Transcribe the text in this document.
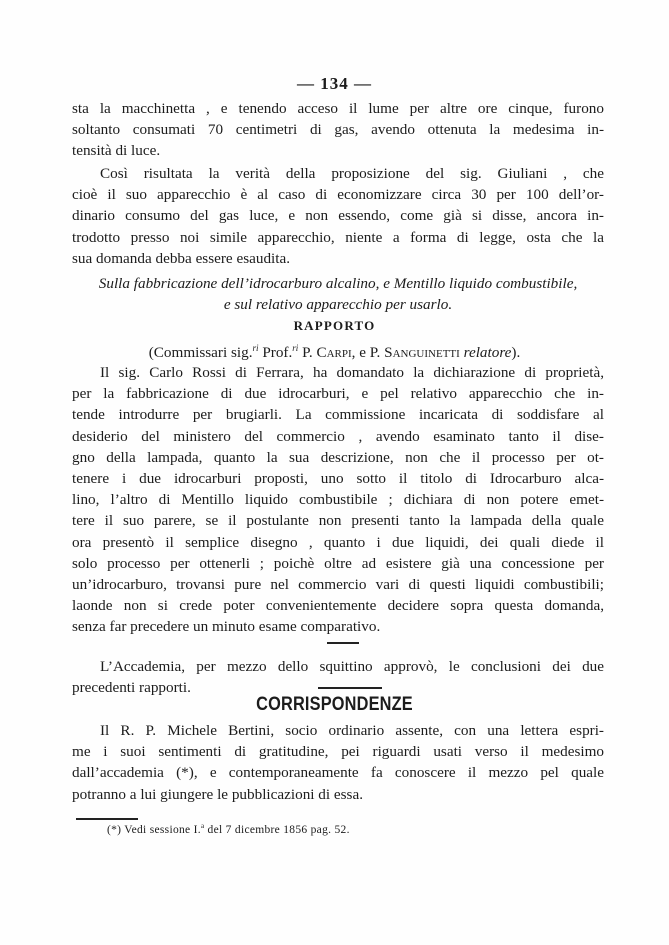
— 134 —
sta la macchinetta , e tenendo acceso il lume per altre ore cinque, furono
soltanto consumati 70 centimetri di gas, avendo ottenuta la medesima in-
tensità di luce.
Così risultata la verità della proposizione del sig. Giuliani , che
cioè il suo apparecchio è al caso di economizzare circa 30 per 100 dell’or-
dinario consumo del gas luce, e non essendo, come già si disse, ancora in-
trodotto presso noi simile apparecchio, niente a forma di legge, osta che la
sua domanda debba essere esaudita.
Sulla fabbricazione dell’idrocarburo alcalino, e Mentillo liquido combustibile,
e sul relativo apparecchio per usarlo.
RAPPORTO
(Commissari sig.$^{ri}$ Prof.$^{ri}$ P. Carpi, e P. Sanguinetti relatore).
Il sig. Carlo Rossi di Ferrara, ha domandato la dichiarazione di proprietà,
per la fabbricazione di due idrocarburi, e pel relativo apparecchio che in-
tende introdurre per brugiarli. La commissione incaricata di soddisfare al
desiderio del ministero del commercio , avendo esaminato tanto il dise-
gno della lampada, quanto la sua descrizione, non che il processo per ot-
tenere i due idrocarburi proposti, uno sotto il titolo di Idrocarburo alca-
lino, l’altro di Mentillo liquido combustibile ; dichiara di non potere emet-
tere il suo parere, se il postulante non presenti tanto la lampada della quale
ora presentò il semplice disegno , quanto i due liquidi, dei quali diede il
solo processo per ottenerli ; poichè oltre ad esistere già una concessione per
un’idrocarburo, trovansi pure nel commercio vari di questi liquidi combustibili;
laonde non si crede poter convenientemente decidere sopra questa domanda,
senza far precedere un minuto esame comparativo.
L’Accademia, per mezzo dello squittino approvò, le conclusioni dei due
precedenti rapporti.
CORRISPONDENZE
Il R. P. Michele Bertini, socio ordinario assente, con una lettera espri-
me i suoi sentimenti di gratitudine, pei riguardi usati verso il medesimo
dall’accademia (*), e contemporaneamente fa conoscere il mezzo pel quale
potranno a lui giungere le pubblicazioni di essa.
(*) Vedi sessione I.$^a$ del 7 dicembre 1856 pag. 52.
